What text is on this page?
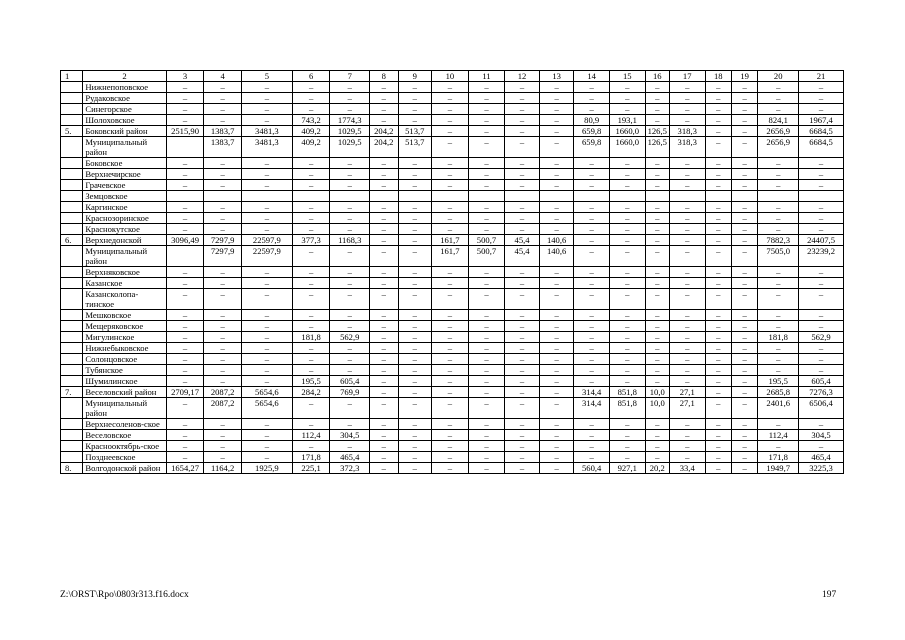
1	2	3	4	5	6	7	8	9	10	11	12	13	14	15	16	17	18	19	20	21
	Нижнепоповское	–	–	–	–	–	–	–	–	–	–	–	–	–	–	–	–	–	–	–
	Рудаковское	–	–	–	–	–	–	–	–	–	–	–	–	–	–	–	–	–	–	–
	Синегорское	–	–	–	–	–	–	–	–	–	–	–	–	–	–	–	–	–	–	–
	Шолоховское	–	–	–	743,2	1774,3	–	–	–	–	–	–	80,9	193,1	–	–	–	–	824,1	1967,4
5.	Боковский район	2515,90	1383,7	3481,3	409,2	1029,5	204,2	513,7	–	–	–	–	659,8	1660,0	126,5	318,3	–	–	2656,9	6684,5
	Муниципальный район		1383,7	3481,3	409,2	1029,5	204,2	513,7	–	–	–	–	659,8	1660,0	126,5	318,3	–	–	2656,9	6684,5
	Боковское	–	–	–	–	–	–	–	–	–	–	–	–	–	–	–	–	–	–	–
	Верхнечирское	–	–	–	–	–	–	–	–	–	–	–	–	–	–	–	–	–	–	–
	Грачевское	–	–	–	–	–	–	–	–	–	–	–	–	–	–	–	–	–	–	–
	Земцовское																			
	Каргинское	–	–	–	–	–	–	–	–	–	–	–	–	–	–	–	–	–	–	–
	Краснозоринское	–	–	–	–	–	–	–	–	–	–	–	–	–	–	–	–	–	–	–
	Краснокутское	–	–	–	–	–	–	–	–	–	–	–	–	–	–	–	–	–	–	–
6.	Верхнедонской	3096,49	7297,9	22597,9	377,3	1168,3	–	–	161,7	500,7	45,4	140,6	–	–	–	–	–	–	7882,3	24407,5
	Муниципальный район		7297,9	22597,9	–	–	–	–	161,7	500,7	45,4	140,6	–	–	–	–	–	–	7505,0	23239,2
	Верхняковское	–	–	–	–	–	–	–	–	–	–	–	–	–	–	–	–	–	–	–
	Казанское	–	–	–	–	–	–	–	–	–	–	–	–	–	–	–	–	–	–	–
	Казансколопа-тинское	–	–	–	–	–	–	–	–	–	–	–	–	–	–	–	–	–	–	–
	Мешковское	–	–	–	–	–	–	–	–	–	–	–	–	–	–	–	–	–	–	–
	Мещеряковское	–	–	–	–	–	–	–	–	–	–	–	–	–	–	–	–	–	–	–
	Мигулинское	–	–	–	181,8	562,9	–	–	–	–	–	–	–	–	–	–	–	–	181,8	562,9
	Нижнебыковское	–	–	–	–	–	–	–	–	–	–	–	–	–	–	–	–	–	–	–
	Солонцовское	–	–	–	–	–	–	–	–	–	–	–	–	–	–	–	–	–	–	–
	Тубянское	–	–	–	–	–	–	–	–	–	–	–	–	–	–	–	–	–	–	–
	Шумилинское	–	–	–	195,5	605,4	–	–	–	–	–	–	–	–	–	–	–	–	195,5	605,4
7.	Веселовский район	2709,17	2087,2	5654,6	284,2	769,9	–	–	–	–	–	–	314,4	851,8	10,0	27,1	–	–	2685,8	7276,3
	Муниципальный район	–	2087,2	5654,6	–	–	–	–	–	–	–	–	314,4	851,8	10,0	27,1	–	–	2401,6	6506,4
	Верхнесоленов-ское	–	–	–	–	–	–	–	–	–	–	–	–	–	–	–	–	–	–	–
	Веселовское	–	–	–	112,4	304,5	–	–	–	–	–	–	–	–	–	–	–	–	112,4	304,5
	Краснооктябрь-ское	–	–	–	–	–	–	–	–	–	–	–	–	–	–	–	–	–	–	–
	Позднеевское	–	–	–	171,8	465,4	–	–	–	–	–	–	–	–	–	–	–	–	171,8	465,4
8.	Волгодонской район	1654,27	1164,2	1925,9	225,1	372,3	–	–	–	–	–	–	560,4	927,1	20,2	33,4	–	–	1949,7	3225,3
Z:\ORST\Rpo\0803r313.f16.docx	197
